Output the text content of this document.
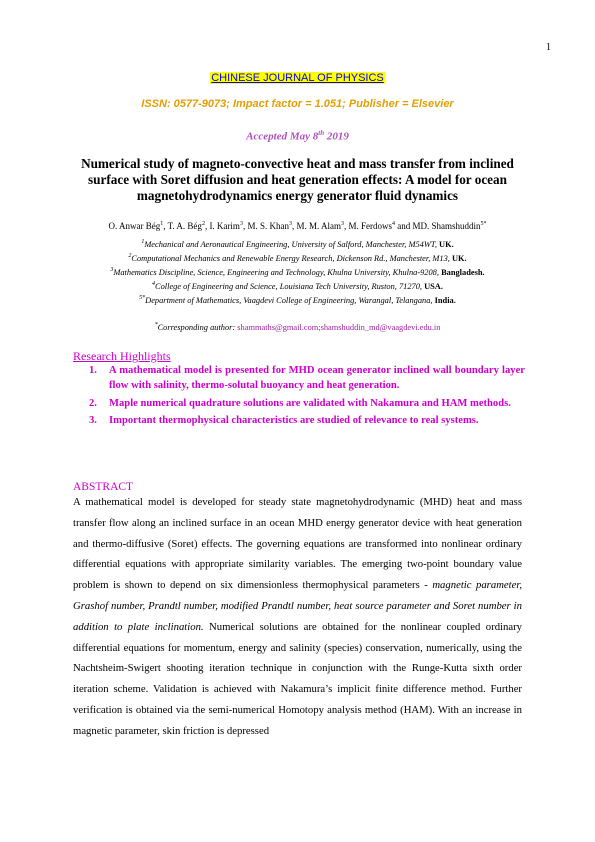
1
CHINESE JOURNAL OF PHYSICS
ISSN: 0577-9073; Impact factor = 1.051; Publisher = Elsevier
Accepted May 8th 2019
Numerical study of magneto-convective heat and mass transfer from inclined surface with Soret diffusion and heat generation effects: A model for ocean magnetohydrodynamics energy generator fluid dynamics
O. Anwar Bég$^1$, T. A. Bég$^2$, I. Karim$^3$, M. S. Khan$^3$, M. M. Alam$^3$, M. Ferdows$^4$ and MD. Shamshuddin$^{5*}$
$^1$Mechanical and Aeronautical Engineering, University of Salford, Manchester, M54WT, UK.
$^2$Computational Mechanics and Renewable Energy Research, Dickenson Rd., Manchester, M13, UK.
$^3$Mathematics Discipline, Science, Engineering and Technology, Khulna University, Khulna-9208, Bangladesh.
$^4$College of Engineering and Science, Louisiana Tech University, Ruston, 71270, USA.
$^{5*}$Department of Mathematics, Vaagdevi College of Engineering, Warangal, Telangana, India.
*Corresponding author: shammaths@gmail.com;shamshuddin_md@vaagdevi.edu.in
Research Highlights
1. A mathematical model is presented for MHD ocean generator inclined wall boundary layer flow with salinity, thermo-solutal buoyancy and heat generation.
2. Maple numerical quadrature solutions are validated with Nakamura and HAM methods.
3. Important thermophysical characteristics are studied of relevance to real systems.
ABSTRACT
A mathematical model is developed for steady state magnetohydrodynamic (MHD) heat and mass transfer flow along an inclined surface in an ocean MHD energy generator device with heat generation and thermo-diffusive (Soret) effects. The governing equations are transformed into nonlinear ordinary differential equations with appropriate similarity variables. The emerging two-point boundary value problem is shown to depend on six dimensionless thermophysical parameters - magnetic parameter, Grashof number, Prandtl number, modified Prandtl number, heat source parameter and Soret number in addition to plate inclination. Numerical solutions are obtained for the nonlinear coupled ordinary differential equations for momentum, energy and salinity (species) conservation, numerically, using the Nachtsheim-Swigert shooting iteration technique in conjunction with the Runge-Kutta sixth order iteration scheme. Validation is achieved with Nakamura’s implicit finite difference method. Further verification is obtained via the semi-numerical Homotopy analysis method (HAM). With an increase in magnetic parameter, skin friction is depressed
